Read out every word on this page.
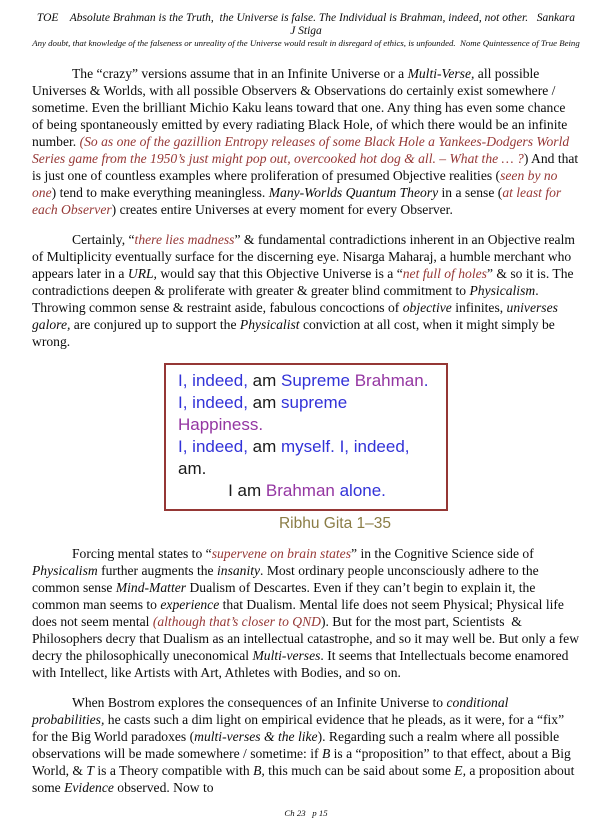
TOE    Absolute Brahman is the Truth,  the Universe is false. The Individual is Brahman, indeed, not other.   Sankara   J Stiga
Any doubt, that knowledge of the falseness or unreality of the Universe would result in disregard of ethics, is unfounded.  Nome Quintessence of True Being

The “crazy” versions assume that in an Infinite Universe or a Multi-Verse, all possible Universes & Worlds, with all possible Observers & Observations do certainly exist somewhere / sometime. Even the brilliant Michio Kaku leans toward that one. Any thing has even some chance of being spontaneously emitted by every radiating Black Hole, of which there would be an infinite number. (So as one of the gazillion Entropy releases of some Black Hole a Yankees-Dodgers World Series game from the 1950’s just might pop out, overcooked hot dog & all. – What the … ?) And that is just one of countless examples where proliferation of presumed Objective realities (seen by no one) tend to make everything meaningless. Many-Worlds Quantum Theory in a sense (at least for each Observer) creates entire Universes at every moment for every Observer.

Certainly, “there lies madness” & fundamental contradictions inherent in an Objective realm of Multiplicity eventually surface for the discerning eye. Nisarga Maharaj, a humble merchant who appears later in a URL, would say that this Objective Universe is a “net full of holes” & so it is. The contradictions deepen & proliferate with greater & greater blind commitment to Physicalism. Throwing common sense & restraint aside, fabulous concoctions of objective infinites, universes galore, are conjured up to support the Physicalist conviction at all cost, when it might simply be wrong.

I, indeed, am Supreme Brahman.
I, indeed, am supreme Happiness.
I, indeed, am myself. I, indeed, am.
I am Brahman alone.
Ribhu Gita 1–35

Forcing mental states to “supervene on brain states” in the Cognitive Science side of Physicalism further augments the insanity. Most ordinary people unconsciously adhere to the common sense Mind-Matter Dualism of Descartes. Even if they can’t begin to explain it, the common man seems to experience that Dualism. Mental life does not seem Physical; Physical life does not seem mental (although that’s closer to QND). But for the most part, Scientists  &  Philosophers decry that Dualism as an intellectual catastrophe, and so it may well be. But only a few decry the philosophically uneconomical Multi-verses. It seems that Intellectuals become enamored with Intellect, like Artists with Art, Athletes with Bodies, and so on.

When Bostrom explores the consequences of an Infinite Universe to conditional probabilities, he casts such a dim light on empirical evidence that he pleads, as it were, for a “fix” for the Big World paradoxes (multi-verses & the like). Regarding such a realm where all possible observations will be made somewhere / sometime: if B is a “proposition” to that effect, about a Big World, & T is a Theory compatible with B, this much can be said about some E, a proposition about some Evidence observed. Now to

Ch 23   p 15
